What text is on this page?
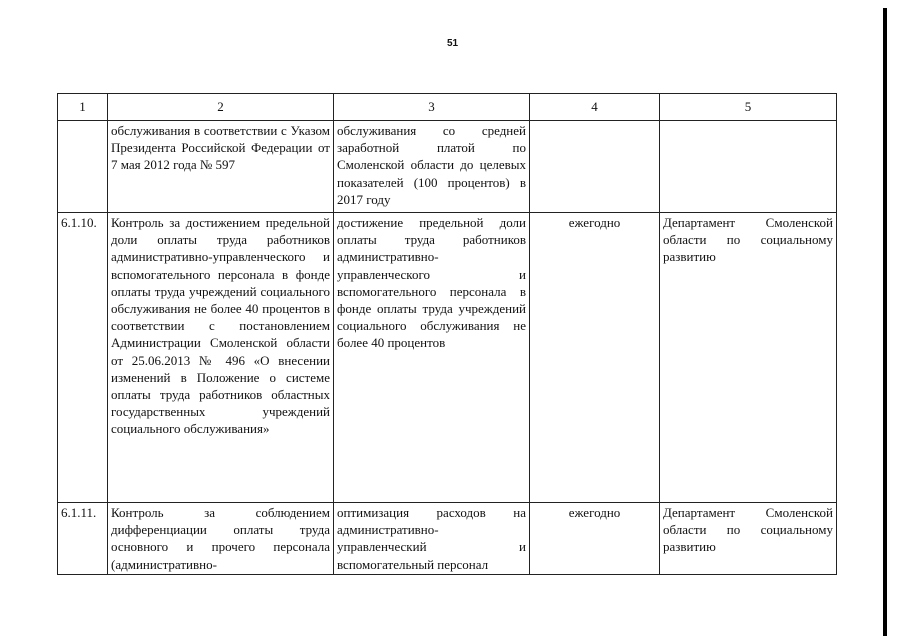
51
1	2	3	4	5
	обслуживания в соответствии с Указом Президента Российской Федерации от 7 мая 2012 года № 597	обслуживания со средней заработной платой по Смоленской области до целевых показателей (100 процентов) в 2017 году		
6.1.10.	Контроль за достижением предельной доли оплаты труда работников административно-управленческого и вспомогательного персонала в фонде оплаты труда учреждений социального обслуживания не более 40 процентов в соответствии с постановлением Администрации Смоленской области от 25.06.2013 № 496 «О внесении изменений в Положение о системе оплаты труда работников областных государственных учреждений социального обслуживания»	достижение предельной доли оплаты труда работников административно-управленческого и вспомогательного персонала в фонде оплаты труда учреждений социального обслуживания не более 40 процентов	ежегодно	Департамент Смоленской области по социальному развитию
6.1.11.	Контроль за соблюдением дифференциации оплаты труда основного и прочего персонала (административно-	оптимизация расходов на административно-управленческий и вспомогательный персонал	ежегодно	Департамент Смоленской области по социальному развитию
